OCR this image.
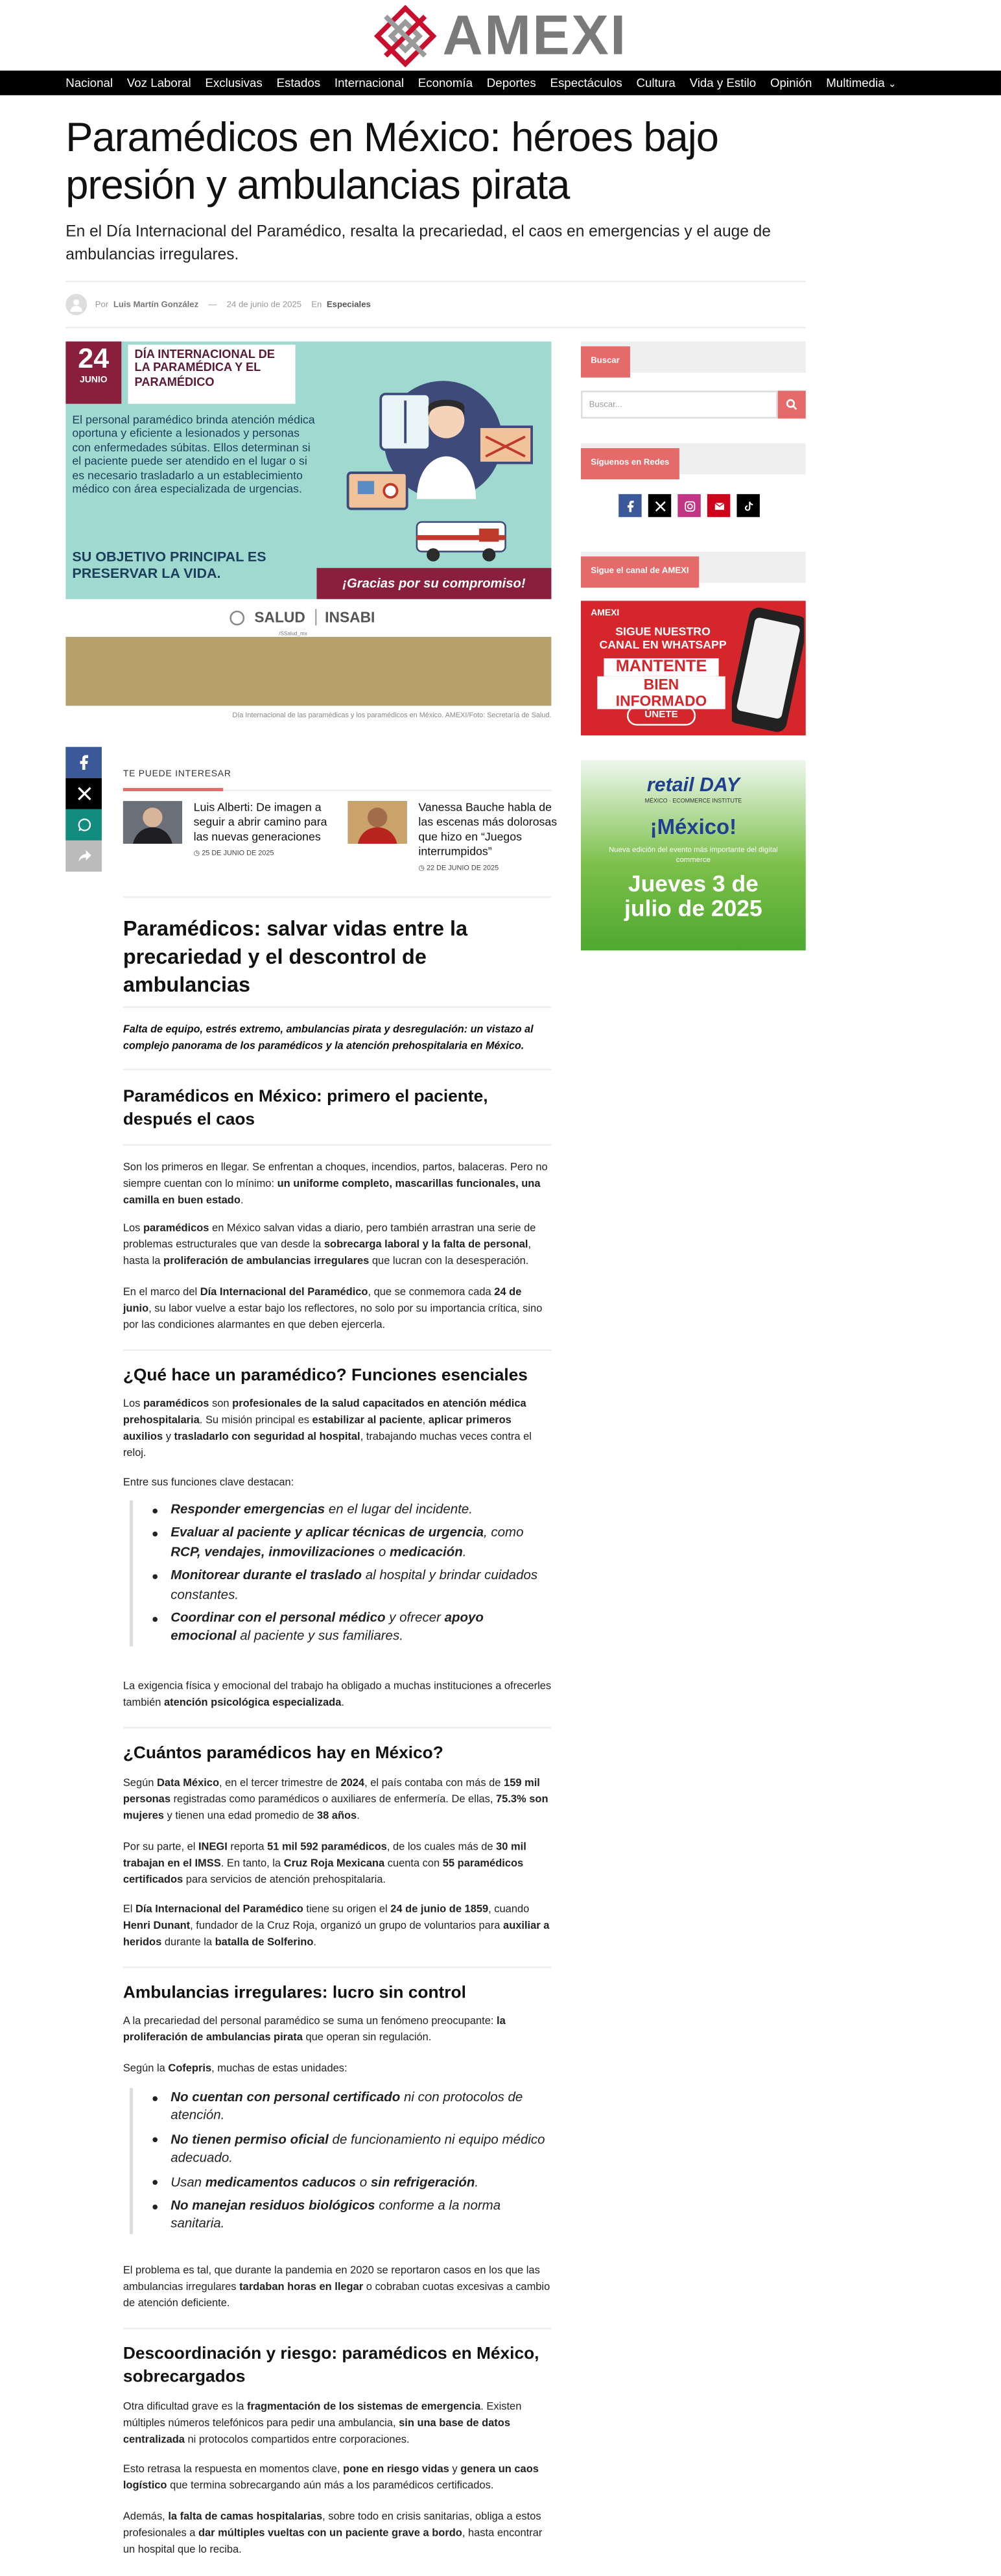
AMEXI
Nacional	Voz Laboral	Exclusivas	Estados	Internacional	Economía	Deportes	Espectáculos	Cultura	Vida y Estilo	Opinión	Multimedia ⌄
Paramédicos en México: héroes bajo presión y ambulancias pirata

En el Día Internacional del Paramédico, resalta la precariedad, el caos en emergencias y el auge de ambulancias irregulares.

Por Luis Martín González	—	24 de junio de 2025	En Especiales
24
JUNIO
DÍA INTERNACIONAL DE LA PARAMÉDICA Y EL PARAMÉDICO
El personal paramédico brinda atención médica oportuna y eficiente a lesionados y personas con enfermedades súbitas. Ellos determinan si el paciente puede ser atendido en el lugar o si es necesario trasladarlo a un establecimiento médico con área especializada de urgencias.
SU OBJETIVO PRINCIPAL ES PRESERVAR LA VIDA.
¡Gracias por su compromiso!
SALUD	INSABI
/SSalud_mx
Día Internacional de las paramédicas y los paramédicos en México. AMEXI/Foto: Secretaría de Salud.
TE PUEDE INTERESAR
Luis Alberti: De imagen a seguir a abrir camino para las nuevas generaciones
◷ 25 DE JUNIO DE 2025
Vanessa Bauche habla de las escenas más dolorosas que hizo en “Juegos interrumpidos”
◷ 22 DE JUNIO DE 2025
Paramédicos: salvar vidas entre la precariedad y el descontrol de ambulancias

Falta de equipo, estrés extremo, ambulancias pirata y desregulación: un vistazo al complejo panorama de los paramédicos y la atención prehospitalaria en México.

Paramédicos en México: primero el paciente, después el caos

Son los primeros en llegar. Se enfrentan a choques, incendios, partos, balaceras. Pero no siempre cuentan con lo mínimo: un uniforme completo, mascarillas funcionales, una camilla en buen estado.

Los paramédicos en México salvan vidas a diario, pero también arrastran una serie de problemas estructurales que van desde la sobrecarga laboral y la falta de personal, hasta la proliferación de ambulancias irregulares que lucran con la desesperación.

En el marco del Día Internacional del Paramédico, que se conmemora cada 24 de junio, su labor vuelve a estar bajo los reflectores, no solo por su importancia crítica, sino por las condiciones alarmantes en que deben ejercerla.

¿Qué hace un paramédico? Funciones esenciales

Los paramédicos son profesionales de la salud capacitados en atención médica prehospitalaria. Su misión principal es estabilizar al paciente, aplicar primeros auxilios y trasladarlo con seguridad al hospital, trabajando muchas veces contra el reloj.

Entre sus funciones clave destacan:

Responder emergencias en el lugar del incidente.
Evaluar al paciente y aplicar técnicas de urgencia, como RCP, vendajes, inmovilizaciones o medicación.
Monitorear durante el traslado al hospital y brindar cuidados constantes.
Coordinar con el personal médico y ofrecer apoyo emocional al paciente y sus familiares.

La exigencia física y emocional del trabajo ha obligado a muchas instituciones a ofrecerles también atención psicológica especializada.

¿Cuántos paramédicos hay en México?

Según Data México, en el tercer trimestre de 2024, el país contaba con más de 159 mil personas registradas como paramédicos o auxiliares de enfermería. De ellas, 75.3% son mujeres y tienen una edad promedio de 38 años.

Por su parte, el INEGI reporta 51 mil 592 paramédicos, de los cuales más de 30 mil trabajan en el IMSS. En tanto, la Cruz Roja Mexicana cuenta con 55 paramédicos certificados para servicios de atención prehospitalaria.

El Día Internacional del Paramédico tiene su origen el 24 de junio de 1859, cuando Henri Dunant, fundador de la Cruz Roja, organizó un grupo de voluntarios para auxiliar a heridos durante la batalla de Solferino.

Ambulancias irregulares: lucro sin control

A la precariedad del personal paramédico se suma un fenómeno preocupante: la proliferación de ambulancias pirata que operan sin regulación.

Según la Cofepris, muchas de estas unidades:

No cuentan con personal certificado ni con protocolos de atención.
No tienen permiso oficial de funcionamiento ni equipo médico adecuado.
Usan medicamentos caducos o sin refrigeración.
No manejan residuos biológicos conforme a la norma sanitaria.

El problema es tal, que durante la pandemia en 2020 se reportaron casos en los que las ambulancias irregulares tardaban horas en llegar o cobraban cuotas excesivas a cambio de atención deficiente.

Descoordinación y riesgo: paramédicos en México, sobrecargados

Otra dificultad grave es la fragmentación de los sistemas de emergencia. Existen múltiples números telefónicos para pedir una ambulancia, sin una base de datos centralizada ni protocolos compartidos entre corporaciones.

Esto retrasa la respuesta en momentos clave, pone en riesgo vidas y genera un caos logístico que termina sobrecargando aún más a los paramédicos certificados.

Además, la falta de camas hospitalarias, sobre todo en crisis sanitarias, obliga a estos profesionales a dar múltiples vueltas con un paciente grave a bordo, hasta encontrar un hospital que lo reciba.

Buscar
Buscar...
Síguenos en Redes
Sigue el canal de AMEXI
AMEXI
SIGUE NUESTRO
CANAL EN WHATSAPP
MANTENTE
BIEN INFORMADO
ÚNETE
retail DAY
MÉXICO · ECOMMERCE INSTITUTE
¡México!
Nueva edición del evento más importante del digital commerce
Jueves 3 de
julio de 2025
